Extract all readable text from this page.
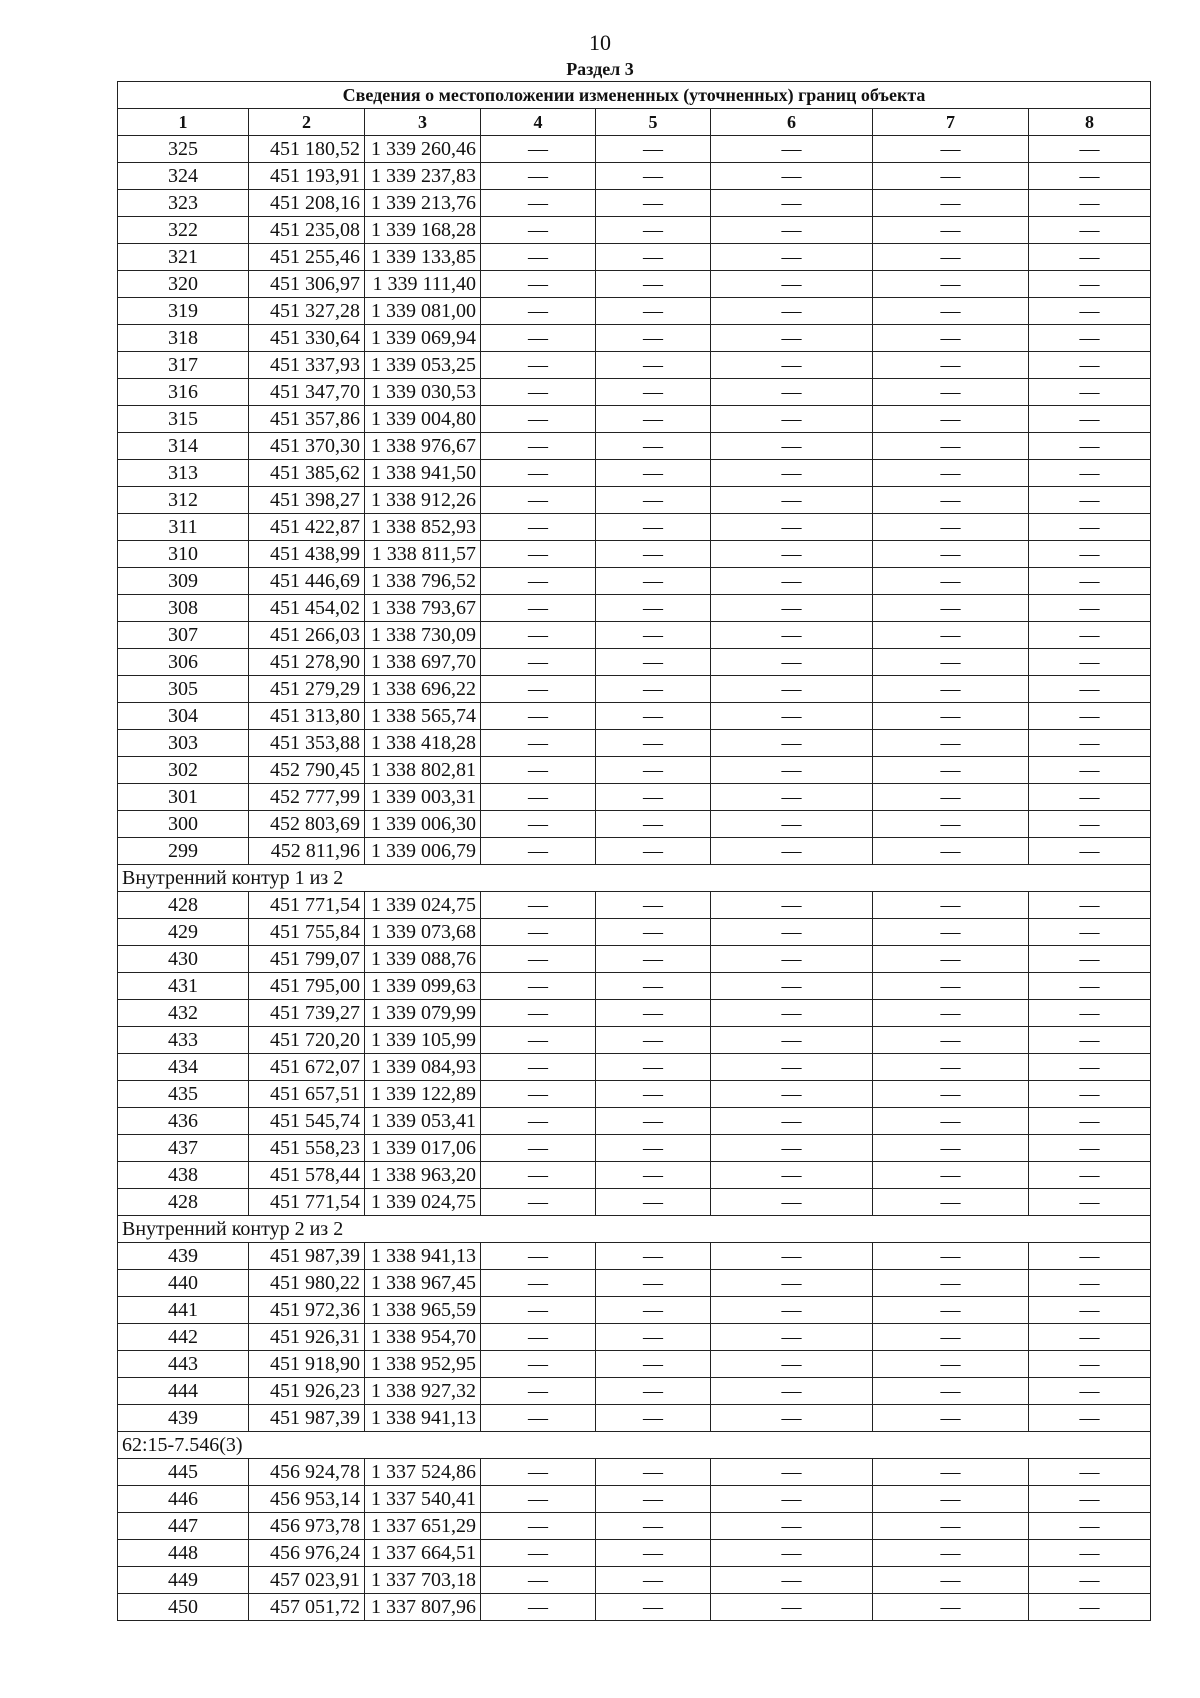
10
Раздел 3
Сведения о местоположении измененных (уточненных) границ объекта							
1	2	3	4	5	6	7	8
325	451 180,52	1 339 260,46	—	—	—	—	—
324	451 193,91	1 339 237,83	—	—	—	—	—
323	451 208,16	1 339 213,76	—	—	—	—	—
322	451 235,08	1 339 168,28	—	—	—	—	—
321	451 255,46	1 339 133,85	—	—	—	—	—
320	451 306,97	1 339 111,40	—	—	—	—	—
319	451 327,28	1 339 081,00	—	—	—	—	—
318	451 330,64	1 339 069,94	—	—	—	—	—
317	451 337,93	1 339 053,25	—	—	—	—	—
316	451 347,70	1 339 030,53	—	—	—	—	—
315	451 357,86	1 339 004,80	—	—	—	—	—
314	451 370,30	1 338 976,67	—	—	—	—	—
313	451 385,62	1 338 941,50	—	—	—	—	—
312	451 398,27	1 338 912,26	—	—	—	—	—
311	451 422,87	1 338 852,93	—	—	—	—	—
310	451 438,99	1 338 811,57	—	—	—	—	—
309	451 446,69	1 338 796,52	—	—	—	—	—
308	451 454,02	1 338 793,67	—	—	—	—	—
307	451 266,03	1 338 730,09	—	—	—	—	—
306	451 278,90	1 338 697,70	—	—	—	—	—
305	451 279,29	1 338 696,22	—	—	—	—	—
304	451 313,80	1 338 565,74	—	—	—	—	—
303	451 353,88	1 338 418,28	—	—	—	—	—
302	452 790,45	1 338 802,81	—	—	—	—	—
301	452 777,99	1 339 003,31	—	—	—	—	—
300	452 803,69	1 339 006,30	—	—	—	—	—
299	452 811,96	1 339 006,79	—	—	—	—	—
Внутренний контур 1 из 2							
428	451 771,54	1 339 024,75	—	—	—	—	—
429	451 755,84	1 339 073,68	—	—	—	—	—
430	451 799,07	1 339 088,76	—	—	—	—	—
431	451 795,00	1 339 099,63	—	—	—	—	—
432	451 739,27	1 339 079,99	—	—	—	—	—
433	451 720,20	1 339 105,99	—	—	—	—	—
434	451 672,07	1 339 084,93	—	—	—	—	—
435	451 657,51	1 339 122,89	—	—	—	—	—
436	451 545,74	1 339 053,41	—	—	—	—	—
437	451 558,23	1 339 017,06	—	—	—	—	—
438	451 578,44	1 338 963,20	—	—	—	—	—
428	451 771,54	1 339 024,75	—	—	—	—	—
Внутренний контур 2 из 2							
439	451 987,39	1 338 941,13	—	—	—	—	—
440	451 980,22	1 338 967,45	—	—	—	—	—
441	451 972,36	1 338 965,59	—	—	—	—	—
442	451 926,31	1 338 954,70	—	—	—	—	—
443	451 918,90	1 338 952,95	—	—	—	—	—
444	451 926,23	1 338 927,32	—	—	—	—	—
439	451 987,39	1 338 941,13	—	—	—	—	—
62:15-7.546(3)							
445	456 924,78	1 337 524,86	—	—	—	—	—
446	456 953,14	1 337 540,41	—	—	—	—	—
447	456 973,78	1 337 651,29	—	—	—	—	—
448	456 976,24	1 337 664,51	—	—	—	—	—
449	457 023,91	1 337 703,18	—	—	—	—	—
450	457 051,72	1 337 807,96	—	—	—	—	—
